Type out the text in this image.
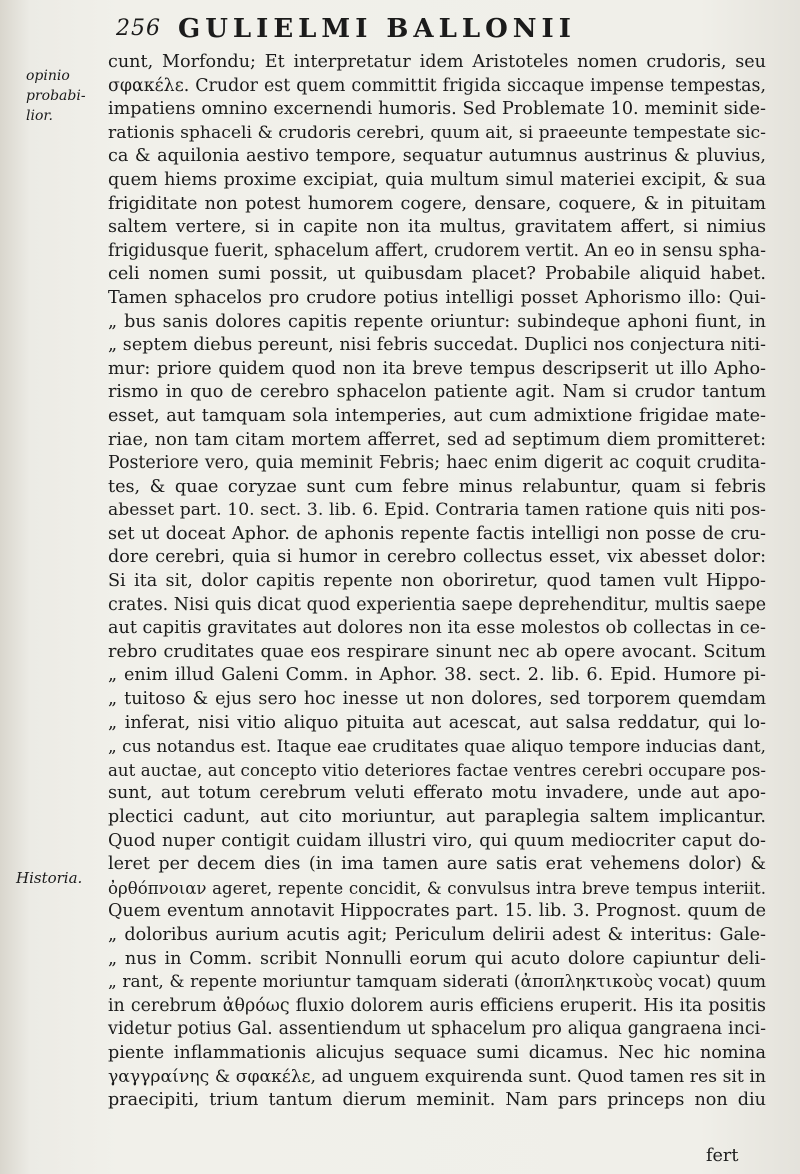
256 GULIELMI BALLONII
opinio
probabi-
lior.
Historia.
cunt, Morfondu; Et interpretatur idem Aristoteles nomen crudoris, seu
σφακέλε. Crudor est quem committit frigida siccaque impense tempestas,
impatiens omnino excernendi humoris. Sed Problemate 10. meminit side-
rationis sphaceli & crudoris cerebri, quum ait, si praeeunte tempestate sic-
ca & aquilonia aestivo tempore, sequatur autumnus austrinus & pluvius,
quem hiems proxime excipiat, quia multum simul materiei excipit, & sua
frigiditate non potest humorem cogere, densare, coquere, & in pituitam
saltem vertere, si in capite non ita multus, gravitatem affert, si nimius
frigidusque fuerit, sphacelum affert, crudorem vertit. An eo in sensu spha-
celi nomen sumi possit, ut quibusdam placet? Probabile aliquid habet.
Tamen sphacelos pro crudore potius intelligi posset Aphorismo illo: Qui-
„ bus sanis dolores capitis repente oriuntur: subindeque aphoni fiunt, in
„ septem diebus pereunt, nisi febris succedat. Duplici nos conjectura niti-
mur: priore quidem quod non ita breve tempus descripserit ut illo Apho-
rismo in quo de cerebro sphacelon patiente agit. Nam si crudor tantum
esset, aut tamquam sola intemperies, aut cum admixtione frigidae mate-
riae, non tam citam mortem afferret, sed ad septimum diem promitteret:
Posteriore vero, quia meminit Febris; haec enim digerit ac coquit crudita-
tes, & quae coryzae sunt cum febre minus relabuntur, quam si febris
abesset part. 10. sect. 3. lib. 6. Epid. Contraria tamen ratione quis niti pos-
set ut doceat Aphor. de aphonis repente factis intelligi non posse de cru-
dore cerebri, quia si humor in cerebro collectus esset, vix abesset dolor:
Si ita sit, dolor capitis repente non oboriretur, quod tamen vult Hippo-
crates. Nisi quis dicat quod experientia saepe deprehenditur, multis saepe
aut capitis gravitates aut dolores non ita esse molestos ob collectas in ce-
rebro cruditates quae eos respirare sinunt nec ab opere avocant. Scitum
„ enim illud Galeni Comm. in Aphor. 38. sect. 2. lib. 6. Epid. Humore pi-
„ tuitoso & ejus sero hoc inesse ut non dolores, sed torporem quemdam
„ inferat, nisi vitio aliquo pituita aut acescat, aut salsa reddatur, qui lo-
„ cus notandus est. Itaque eae cruditates quae aliquo tempore inducias dant,
aut auctae, aut concepto vitio deteriores factae ventres cerebri occupare pos-
sunt, aut totum cerebrum veluti efferato motu invadere, unde aut apo-
plectici cadunt, aut cito moriuntur, aut paraplegia saltem implicantur.
Quod nuper contigit cuidam illustri viro, qui quum mediocriter caput do-
leret per decem dies (in ima tamen aure satis erat vehemens dolor) &
ὀρθόπνοιαν ageret, repente concidit, & convulsus intra breve tempus interiit.
Quem eventum annotavit Hippocrates part. 15. lib. 3. Prognost. quum de
„ doloribus aurium acutis agit; Periculum delirii adest & interitus: Gale-
„ nus in Comm. scribit Nonnulli eorum qui acuto dolore capiuntur deli-
„ rant, & repente moriuntur tamquam siderati (ἀποπληκτικοὺς vocat) quum
in cerebrum ἀθρόως fluxio dolorem auris efficiens eruperit. His ita positis
videtur potius Gal. assentiendum ut sphacelum pro aliqua gangraena inci-
piente inflammationis alicujus sequace sumi dicamus. Nec hic nomina
γαγγραίνης & σφακέλε, ad unguem exquirenda sunt. Quod tamen res sit in
praecipiti, trium tantum dierum meminit. Nam pars princeps non diu
fert
